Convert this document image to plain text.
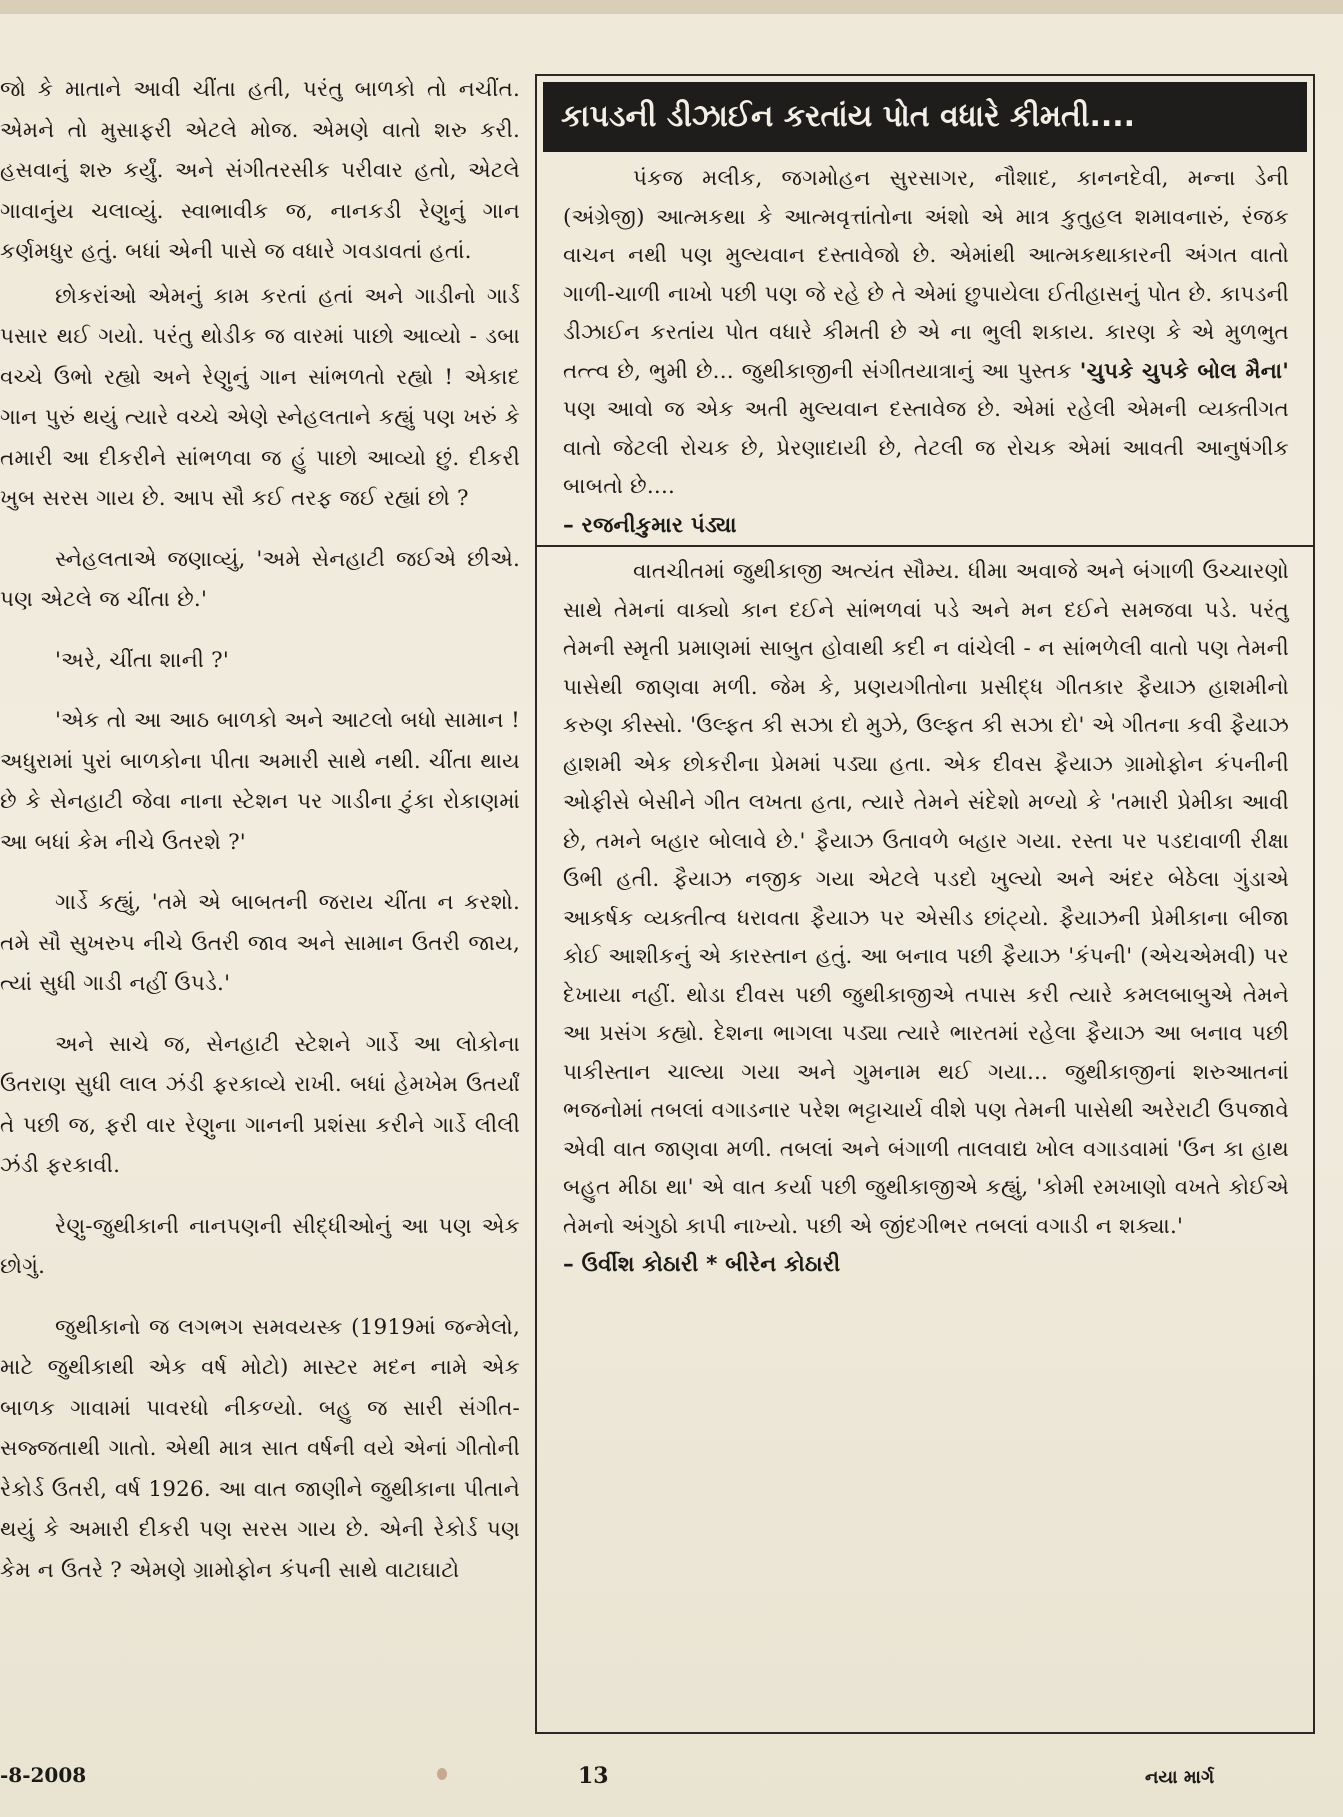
જો કે માતાને આવી ચીંતા હતી, પરંતુ બાળકો તો નચીંત. એમને તો મુસાફરી એટલે મોજ. એમણે વાતો શરુ કરી. હસવાનું શરુ કર્યું. અને સંગીતરસીક પરીવાર હતો, એટલે ગાવાનુંય ચલાવ્યું. સ્વાભાવીક જ, નાનકડી રેણુનું ગાન કર્ણમધુર હતું. બધાં એની પાસે જ વધારે ગવડાવતાં હતાં.

છોકરાંઓ એમનું કામ કરતાં હતાં અને ગાડીનો ગાર્ડ પસાર થઈ ગયો. પરંતુ થોડીક જ વારમાં પાછો આવ્યો - ડબા વચ્ચે ઉભો રહ્યો અને રેણુનું ગાન સાંભળતો રહ્યો ! એકાદ ગાન પુરું થયું ત્યારે વચ્ચે એણે સ્નેહલતાને કહ્યું પણ ખરું કે તમારી આ દીકરીને સાંભળવા જ હું પાછો આવ્યો છું. દીકરી ખુબ સરસ ગાય છે. આપ સૌ કઈ તરફ જઈ રહ્યાં છો ?

સ્નેહલતાએ જણાવ્યું, 'અમે સેનહાટી જઈએ છીએ. પણ એટલે જ ચીંતા છે.'

'અરે, ચીંતા શાની ?'

'એક તો આ આઠ બાળકો અને આટલો બધો સામાન ! અધુરામાં પુરાં બાળકોના પીતા અમારી સાથે નથી. ચીંતા થાય છે કે સેનહાટી જેવા નાના સ્ટેશન પર ગાડીના ટુંકા રોકાણમાં આ બધાં કેમ નીચે ઉતરશે ?'

ગાર્ડે કહ્યું, 'તમે એ બાબતની જરાય ચીંતા ન કરશો. તમે સૌ સુખરુપ નીચે ઉતરી જાવ અને સામાન ઉતરી જાય, ત્યાં સુધી ગાડી નહીં ઉપડે.'

અને સાચે જ, સેનહાટી સ્ટેશને ગાર્ડે આ લોકોના ઉતરાણ સુધી લાલ ઝંડી ફરકાવ્યે રાખી. બધાં હેમખેમ ઉતર્યાં તે પછી જ, ફરી વાર રેણુના ગાનની પ્રશંસા કરીને ગાર્ડે લીલી ઝંડી ફરકાવી.

રેણુ-જુથીકાની નાનપણની સીદ્ધીઓનું આ પણ એક છોગું.

જુથીકાનો જ લગભગ સમવયસ્ક (1919માં જન્મેલો, માટે જુથીકાથી એક વર્ષ મોટો) માસ્ટર મદન નામે એક બાળક ગાવામાં પાવરધો નીકળ્યો. બહુ જ સારી સંગીત-સજ્જતાથી ગાતો. એથી માત્ર સાત વર્ષની વયે એનાં ગીતોની રેકોર્ડ ઉતરી, વર્ષ 1926. આ વાત જાણીને જુથીકાના પીતાને થયું કે અમારી દીકરી પણ સરસ ગાય છે. એની રેકોર્ડ પણ કેમ ન ઉતરે ? એમણે ગ્રામોફોન કંપની સાથે વાટાઘાટો

કાપડની ડીઝાઈન કરતાંય પોત વધારે કીમતી....

પંકજ મલીક, જગમોહન સુરસાગર, નૌશાદ, કાનનદેવી, મન્ના ડેની (અંગ્રેજી) આત્મકથા કે આત્મવૃત્તાંતોના અંશો એ માત્ર કુતુહલ શમાવનારું, રંજક વાચન નથી પણ મુલ્યવાન દસ્તાવેજો છે. એમાંથી આત્મકથાકારની અંગત વાતો ગાળી-ચાળી નાખો પછી પણ જે રહે છે તે એમાં છુપાયેલા ઈતીહાસનું પોત છે. કાપડની ડીઝાઈન કરતાંય પોત વધારે કીમતી છે એ ના ભુલી શકાય. કારણ કે એ મુળભુત તત્ત્વ છે, ભુમી છે... જુથીકાજીની સંગીતયાત્રાનું આ પુસ્તક 'ચુપકે ચુપકે બોલ મૈના' પણ આવો જ એક અતી મુલ્યવાન દસ્તાવેજ છે. એમાં રહેલી એમની વ્યક્તીગત વાતો જેટલી રોચક છે, પ્રેરણાદાયી છે, તેટલી જ રોચક એમાં આવતી આનુષંગીક બાબતો છે....

– રજનીકુમાર પંડ્યા

વાતચીતમાં જુથીકાજી અત્યંત સૌમ્ય. ધીમા અવાજે અને બંગાળી ઉચ્ચારણો સાથે તેમનાં વાક્યો કાન દઈને સાંભળવાં પડે અને મન દઈને સમજવા પડે. પરંતુ તેમની સ્મૃતી પ્રમાણમાં સાબુત હોવાથી કદી ન વાંચેલી - ન સાંભળેલી વાતો પણ તેમની પાસેથી જાણવા મળી. જેમ કે, પ્રણયગીતોના પ્રસીદ્ધ ગીતકાર ફૈયાઝ હાશમીનો કરુણ કીસ્સો. 'ઉલ્ફત કી સઝા દો મુઝે, ઉલ્ફત કી સઝા દો' એ ગીતના કવી ફૈયાઝ હાશમી એક છોકરીના પ્રેમમાં પડ્યા હતા. એક દીવસ ફૈયાઝ ગ્રામોફોન કંપનીની ઓફીસે બેસીને ગીત લખતા હતા, ત્યારે તેમને સંદેશો મળ્યો કે 'તમારી પ્રેમીકા આવી છે, તમને બહાર બોલાવે છે.' ફૈયાઝ ઉતાવળે બહાર ગયા. રસ્તા પર પડદાવાળી રીક્ષા ઉભી હતી. ફૈયાઝ નજીક ગયા એટલે પડદો ખુલ્યો અને અંદર બેઠેલા ગુંડાએ આકર્ષક વ્યક્તીત્વ ધરાવતા ફૈયાઝ પર એસીડ છાંટ્યો. ફૈયાઝની પ્રેમીકાના બીજા કોઈ આશીકનું એ કારસ્તાન હતું. આ બનાવ પછી ફૈયાઝ 'કંપની' (એચએમવી) પર દેખાયા નહીં. થોડા દીવસ પછી જુથીકાજીએ તપાસ કરી ત્યારે કમલબાબુએ તેમને આ પ્રસંગ કહ્યો. દેશના ભાગલા પડ્યા ત્યારે ભારતમાં રહેલા ફૈયાઝ આ બનાવ પછી પાકીસ્તાન ચાલ્યા ગયા અને ગુમનામ થઈ ગયા... જુથીકાજીનાં શરુઆતનાં ભજનોમાં તબલાં વગાડનાર પરેશ ભટ્ટાચાર્ય વીશે પણ તેમની પાસેથી અરેરાટી ઉપજાવે એવી વાત જાણવા મળી. તબલાં અને બંગાળી તાલવાદ્ય ખોલ વગાડવામાં 'ઉન કા હાથ બહુત મીઠા થા' એ વાત કર્યા પછી જુથીકાજીએ કહ્યું, 'કોમી રમખાણો વખતે કોઈએ તેમનો અંગુઠો કાપી નાખ્યો. પછી એ જીંદગીભર તબલાં વગાડી ન શક્યા.'

– ઉર્વીશ કોઠારી * બીરેન કોઠારી

-8-2008	13	નયા માર્ગ
